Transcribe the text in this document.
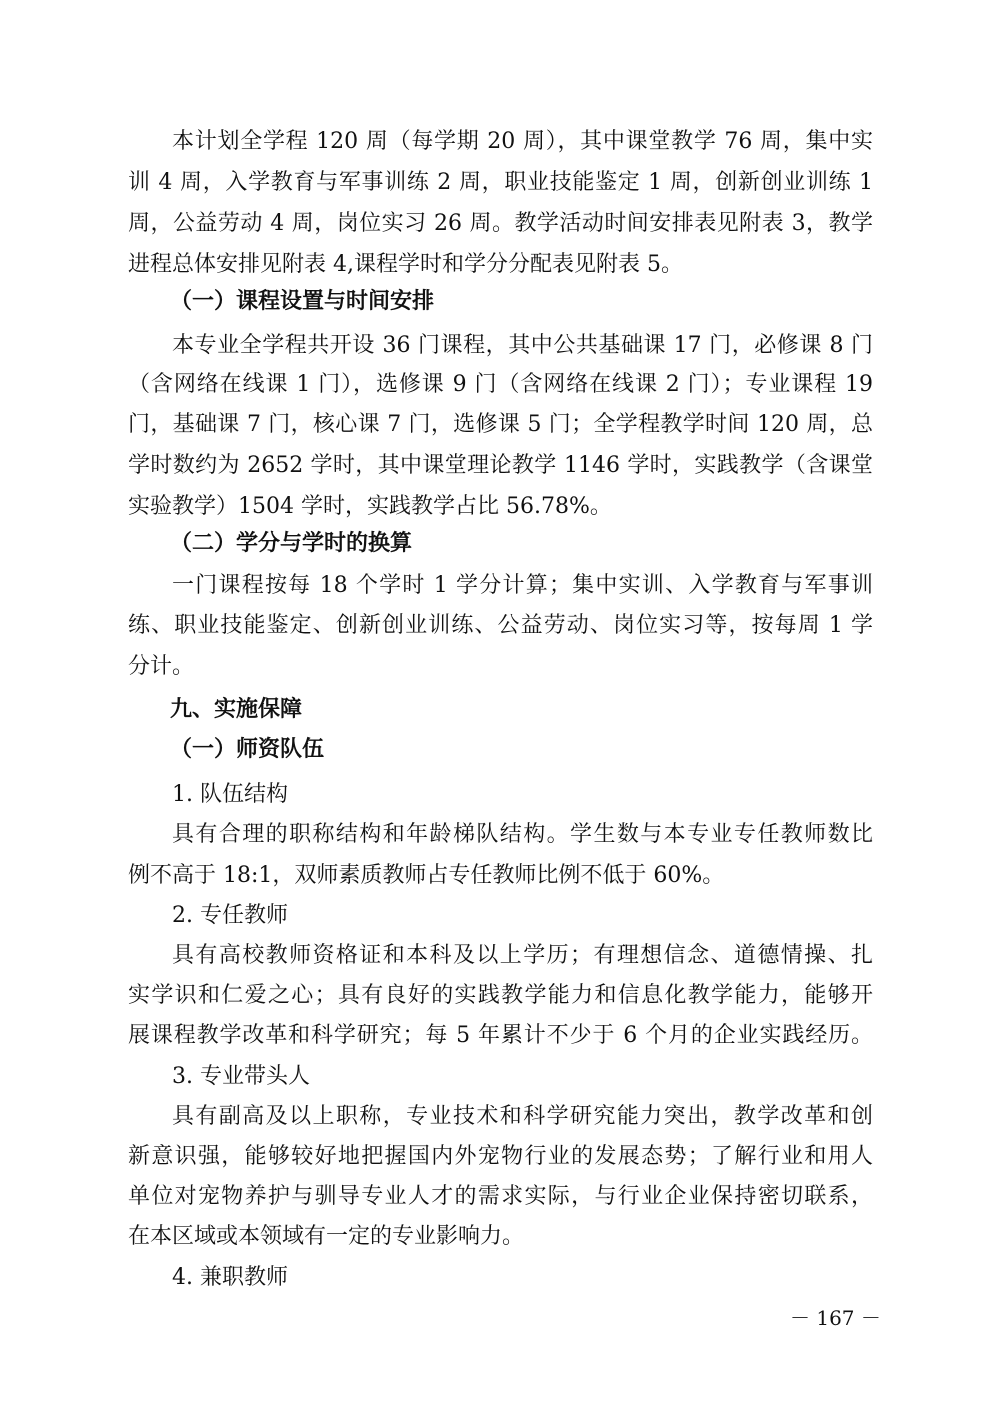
本计划全学程 120 周（每学期 20 周），其中课堂教学 76 周，集中实
训 4 周，入学教育与军事训练 2 周，职业技能鉴定 1 周，创新创业训练 1
周，公益劳动 4 周，岗位实习 26 周。教学活动时间安排表见附表 3，教学
进程总体安排见附表 4,课程学时和学分分配表见附表 5。
（一）课程设置与时间安排
本专业全学程共开设 36 门课程，其中公共基础课 17 门，必修课 8 门
（含网络在线课 1 门），选修课 9 门（含网络在线课 2 门）；专业课程 19
门，基础课 7 门，核心课 7 门，选修课 5 门；全学程教学时间 120 周，总
学时数约为 2652 学时，其中课堂理论教学 1146 学时，实践教学（含课堂
实验教学）1504 学时，实践教学占比 56.78%。
（二）学分与学时的换算
一门课程按每 18 个学时 1 学分计算；集中实训、入学教育与军事训
练、职业技能鉴定、创新创业训练、公益劳动、岗位实习等，按每周 1 学
分计。
九、实施保障
（一）师资队伍
1. 队伍结构
具有合理的职称结构和年龄梯队结构。学生数与本专业专任教师数比
例不高于 18:1，双师素质教师占专任教师比例不低于 60%。
2. 专任教师
具有高校教师资格证和本科及以上学历；有理想信念、道德情操、扎
实学识和仁爱之心；具有良好的实践教学能力和信息化教学能力，能够开
展课程教学改革和科学研究；每 5 年累计不少于 6 个月的企业实践经历。
3. 专业带头人
具有副高及以上职称，专业技术和科学研究能力突出，教学改革和创
新意识强，能够较好地把握国内外宠物行业的发展态势；了解行业和用人
单位对宠物养护与驯导专业人才的需求实际，与行业企业保持密切联系，
在本区域或本领域有一定的专业影响力。
4. 兼职教师
－ 167 －
